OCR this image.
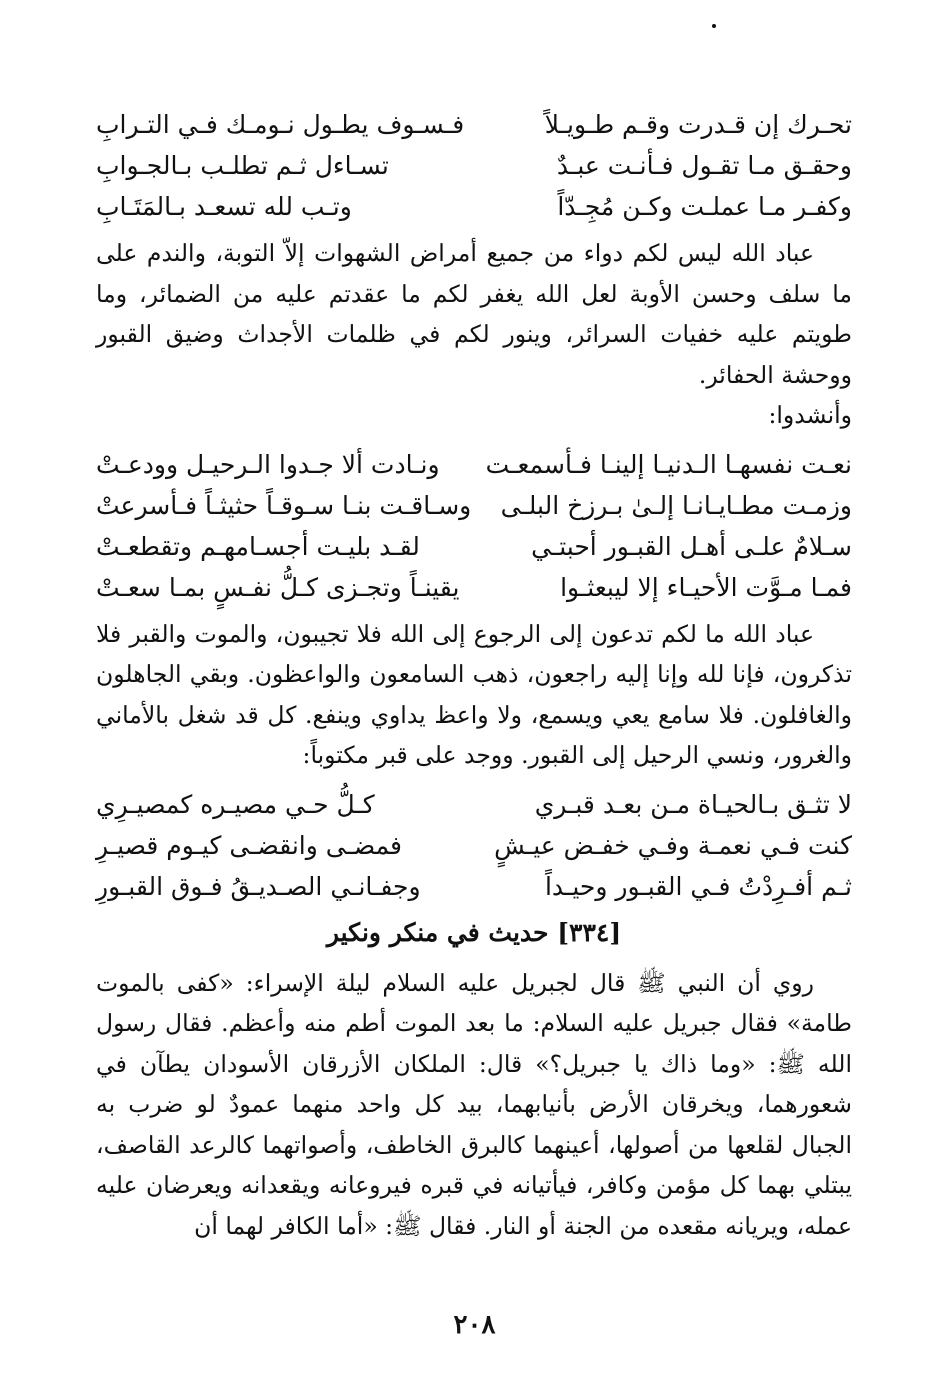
تحـرك إن قـدرت وقـم طـويـلاً
فـسـوف يطـول نـومـك فـي التـرابِ
وحقـق مـا تقـول فـأنـت عبـدٌ
تسـاءل ثـم تطلـب بـالجـوابِ
وكفـر مـا عملـت وكـن مُجِـدّاً
وتـب لله تسعـد بـالمَتَـابِ

عباد الله ليس لكم دواء من جميع أمراض الشهوات إلاّ التوبة، والندم على ما سلف وحسن الأوبة لعل الله يغفر لكم ما عقدتم عليه من الضمائر، وما طويتم عليه خفيات السرائر، وينور لكم في ظلمات الأجداث وضيق القبور ووحشة الحفائر.

وأنشدوا:

نعـت نفسهـا الـدنيـا إلينـا فـأسمعـت
ونـادت ألا جـدوا الـرحيـل وودعـتْ
وزمـت مطـايـانـا إلـىٰ بـرزخ البلـى
وسـاقـت بنـا سـوقـاً حثيثـاً فـأسرعتْ
سـلامٌ علـى أهـل القبـور أحبتـي
لقـد بليـت أجسـامهـم وتقطعـتْ
فمـا مـوَّت الأحيـاء إلا ليبعثـوا
يقينـاً وتجـزى كـلُّ نفـسٍ بمـا سعـتْ

عباد الله ما لكم تدعون إلى الرجوع إلى الله فلا تجيبون، والموت والقبر فلا تذكرون، فإنا لله وإنا إليه راجعون، ذهب السامعون والواعظون. وبقي الجاهلون والغافلون. فلا سامع يعي ويسمع، ولا واعظ يداوي وينفع. كل قد شغل بالأماني والغرور، ونسي الرحيل إلى القبور. ووجد على قبر مكتوباً:

لا تثـق بـالحيـاة مـن بعـد قبـري
كـلُّ حـي مصيـره كمصيـرِي
كنت فـي نعمـة وفـي خفـض عيـشٍ
فمضـى وانقضـى كيـوم قصيـرِ
ثـم أفـرِدْتُ فـي القبـور وحيـداً
وجفـانـي الصـديـقُ فـوق القبـورِ
[٣٣٤] حديث في منكر ونكير

روي أن النبي ﷺ قال لجبريل عليه السلام ليلة الإسراء: «كفى بالموت طامة» فقال جبريل عليه السلام: ما بعد الموت أطم منه وأعظم. فقال رسول الله ﷺ: «وما ذاك يا جبريل؟» قال: الملكان الأزرقان الأسودان يطآن في شعورهما، ويخرقان الأرض بأنيابهما، بيد كل واحد منهما عمودٌ لو ضرب به الجبال لقلعها من أصولها، أعينهما كالبرق الخاطف، وأصواتهما كالرعد القاصف، يبتلي بهما كل مؤمن وكافر، فيأتيانه في قبره فيروعانه ويقعدانه ويعرضان عليه عمله، ويريانه مقعده من الجنة أو النار. فقال ﷺ: «أما الكافر لهما أن

٢٠٨
